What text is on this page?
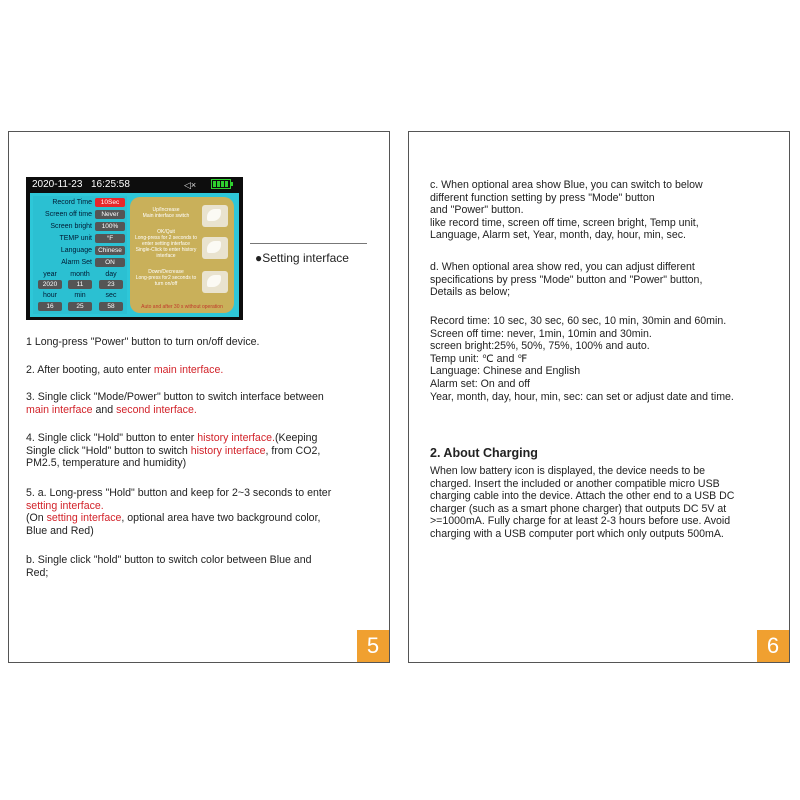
2020-11-23 16:25:58	◁×
Record Time	10Sec
Screen off time	Never
Screen bright	100%
TEMP unit	°F
Language Chinese
Alarm Set	ON
year	month	day
2020	11	23
hour	min	sec
16	25	58
Up/Increase
Main interface switch
OK/Quit
Long-press for 2 seconds to enter setting interface
Single-Click to enter history interface
Down/Decrease
Long-press for2 seconds to turn on/off
Auto and after 30 s without operation
●Setting interface
1 Long-press "Power" button to turn on/off device.
2. After booting, auto enter main interface.
3. Single click "Mode/Power" button to switch interface between
main interface and second interface.
4. Single click "Hold" button to enter history interface.(Keeping
Single click "Hold" button to switch history interface, from CO2,
PM2.5, temperature and humidity)
5. a. Long-press "Hold" button and keep for 2~3 seconds to enter
setting interface.
(On setting interface, optional area have two background color,
Blue and Red)
b. Single click "hold" button to switch color between Blue and
Red;
5
c. When optional area show Blue, you can switch to below
different function setting by press "Mode" button
and "Power" button.
like record time, screen off time, screen bright, Temp unit,
Language, Alarm set, Year, month, day, hour, min, sec.
d. When optional area show red, you can adjust different
specifications by press "Mode" button and "Power" button,
Details as below;
Record time: 10 sec, 30 sec, 60 sec, 10 min, 30min and 60min.
Screen off time: never, 1min, 10min and 30min.
screen bright:25%, 50%, 75%, 100% and auto.
Temp unit: ℃ and ℉
Language: Chinese and English
Alarm set: On and off
Year, month, day, hour, min, sec: can set or adjust date and time.
2. About Charging
When low battery icon is displayed, the device needs to be
charged. Insert the included or another compatible micro USB
charging cable into the device. Attach the other end to a USB DC
charger (such as a smart phone charger) that outputs DC 5V at
>=1000mA. Fully charge for at least 2-3 hours before use. Avoid
charging with a USB computer port which only outputs 500mA.
6
